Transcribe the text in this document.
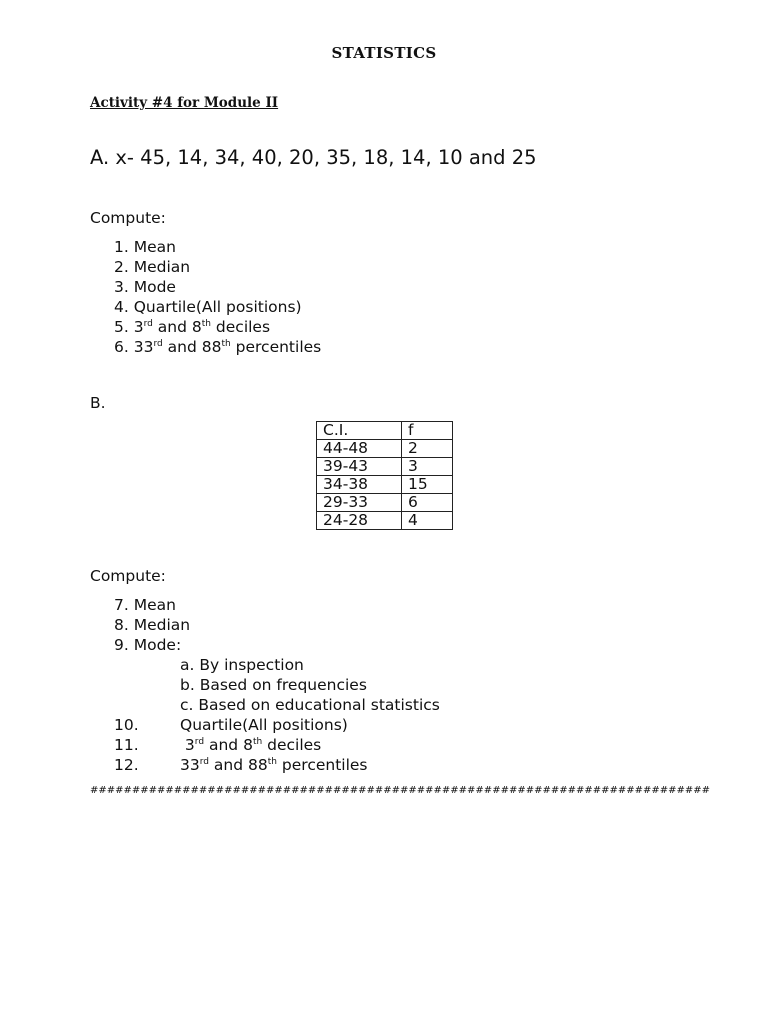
STATISTICS
Activity #4 for Module II
A. x- 45, 14, 34, 40, 20, 35, 18, 14, 10 and 25
Compute:
1. Mean
2. Median
3. Mode
4. Quartile(All positions)
5. 3rd and 8th deciles
6. 33rd and 88th percentiles
B.
C.I.	f
44-48	2
39-43	3
34-38	15
29-33	6
24-28	4
Compute:
7. Mean
8. Median
9. Mode:
a. By inspection
b. Based on frequencies
c. Based on educational statistics
10.	Quartile(All positions)
11.	3rd and 8th deciles
12.	33rd and 88th percentiles
##########################################################################
